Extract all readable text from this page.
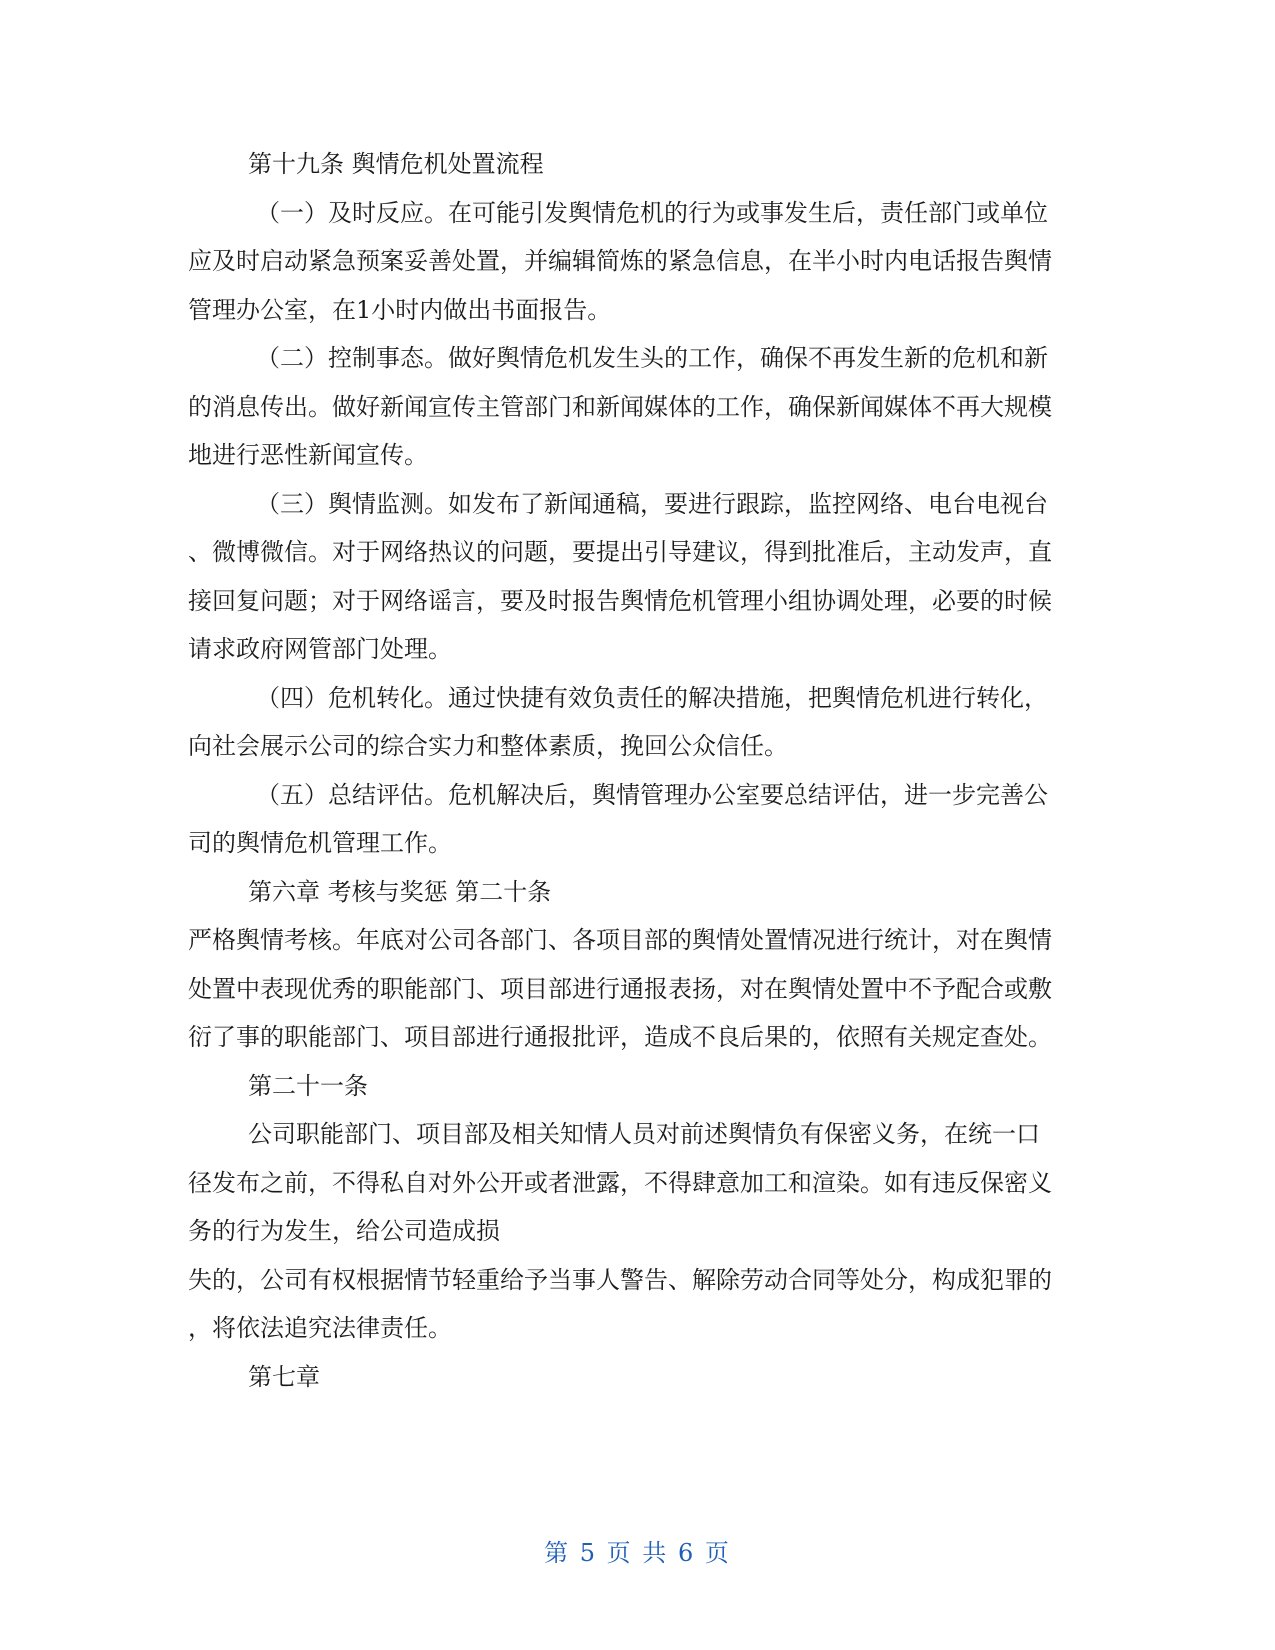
第十九条 舆情危机处置流程
（一）及时反应。在可能引发舆情危机的行为或事发生后，责任部门或单位
应及时启动紧急预案妥善处置，并编辑简炼的紧急信息，在半小时内电话报告舆情
管理办公室，在1小时内做出书面报告。
（二）控制事态。做好舆情危机发生头的工作，确保不再发生新的危机和新
的消息传出。做好新闻宣传主管部门和新闻媒体的工作，确保新闻媒体不再大规模
地进行恶性新闻宣传。
（三）舆情监测。如发布了新闻通稿，要进行跟踪，监控网络、电台电视台
、微博微信。对于网络热议的问题，要提出引导建议，得到批准后，主动发声，直
接回复问题；对于网络谣言，要及时报告舆情危机管理小组协调处理，必要的时候
请求政府网管部门处理。
（四）危机转化。通过快捷有效负责任的解决措施，把舆情危机进行转化，
向社会展示公司的综合实力和整体素质，挽回公众信任。
（五）总结评估。危机解决后，舆情管理办公室要总结评估，进一步完善公
司的舆情危机管理工作。
第六章 考核与奖惩 第二十条
严格舆情考核。年底对公司各部门、各项目部的舆情处置情况进行统计，对在舆情
处置中表现优秀的职能部门、项目部进行通报表扬，对在舆情处置中不予配合或敷
衍了事的职能部门、项目部进行通报批评，造成不良后果的，依照有关规定查处。
第二十一条
公司职能部门、项目部及相关知情人员对前述舆情负有保密义务，在统一口
径发布之前，不得私自对外公开或者泄露，不得肆意加工和渲染。如有违反保密义
务的行为发生，给公司造成损
失的，公司有权根据情节轻重给予当事人警告、解除劳动合同等处分，构成犯罪的
，将依法追究法律责任。
第七章
第 5 页 共 6 页
